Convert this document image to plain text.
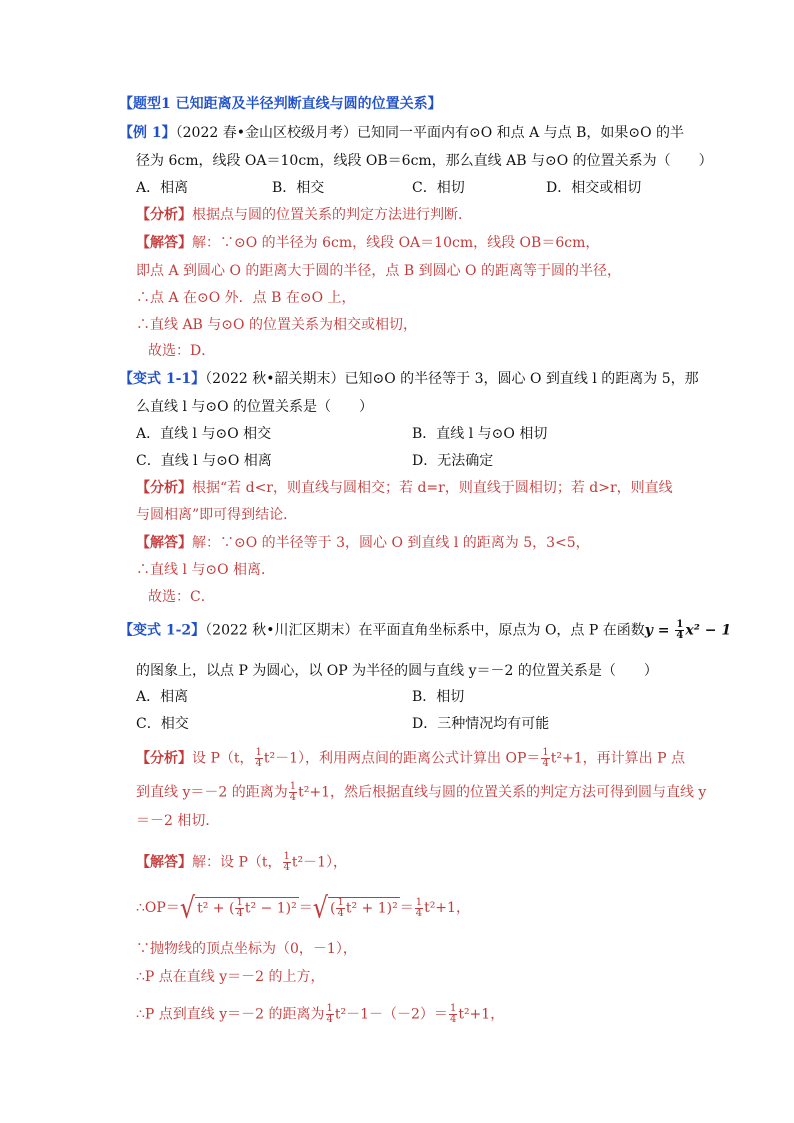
【题型1 已知距离及半径判断直线与圆的位置关系】
【例 1】（2022 春•金山区校级月考）已知同一平面内有⊙O 和点 A 与点 B，如果⊙O 的半
径为 6cm，线段 OA＝10cm，线段 OB＝6cm，那么直线 AB 与⊙O 的位置关系为（　　）
A．相离	B．相交	C．相切	D．相交或相切
【分析】根据点与圆的位置关系的判定方法进行判断．
【解答】解：∵⊙O 的半径为 6cm，线段 OA＝10cm，线段 OB＝6cm，
即点 A 到圆心 O 的距离大于圆的半径，点 B 到圆心 O 的距离等于圆的半径，
∴点 A 在⊙O 外．点 B 在⊙O 上，
∴直线 AB 与⊙O 的位置关系为相交或相切，
故选：D．
【变式 1-1】（2022 秋•韶关期末）已知⊙O 的半径等于 3，圆心 O 到直线 l 的距离为 5，那
么直线 l 与⊙O 的位置关系是（　　）
A．直线 l 与⊙O 相交	B．直线 l 与⊙O 相切
C．直线 l 与⊙O 相离	D．无法确定
【分析】根据“若 d<r，则直线与圆相交；若 d=r，则直线于圆相切；若 d>r，则直线
与圆相离”即可得到结论．
【解答】解：∵⊙O 的半径等于 3，圆心 O 到直线 l 的距离为 5，3<5，
∴直线 l 与⊙O 相离．
故选：C．
【变式 1-2】（2022 秋•川汇区期末）在平面直角坐标系中，原点为 O，点 P 在函数$y = \frac{1}{4} x^2 - 1$
的图象上，以点 P 为圆心，以 OP 为半径的圆与直线 y＝－2 的位置关系是（　　）
A．相离	B．相切
C．相交	D．三种情况均有可能
【分析】设 P（t， $\frac{1}{4} t^2-1$），利用两点间的距离公式计算出 $OP= \frac{1}{4} t^2+1$，再计算出 P 点
到直线 y＝－2 的距离为 $\frac{1}{4} t^2+1$，然后根据直线与圆的位置关系的判定方法可得到圆与直线 y
＝－2 相切．
【解答】解：设 P（t， $\frac{1}{4} t^2-1$），
∴OP＝√ t² + ( $\frac{1}{4} t^2 - 1)^2$ ＝√ ( $\frac{1}{4} t^2 + 1)^2 = \frac{1}{4} t^2+1$，
∵抛物线的顶点坐标为（0，－1），
∴P 点在直线 y＝－2 的上方，
∴P 点到直线 y＝－2 的距离为 $\frac{1}{4} t^2-1-(-2)= \frac{1}{4} t^2+1$，
